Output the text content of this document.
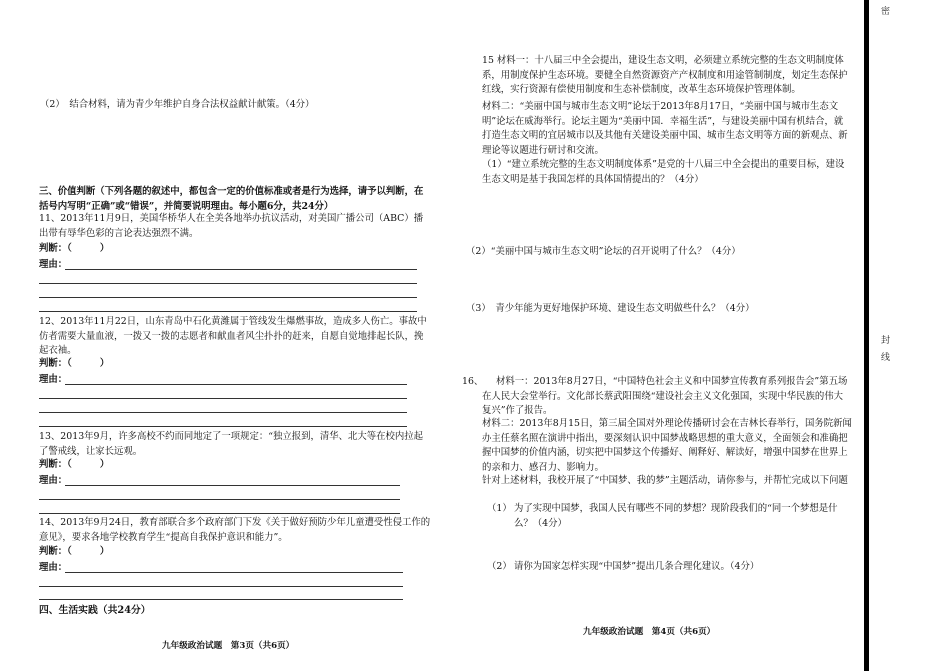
（2）　结合材料，请为青少年维护自身合法权益献计献策。（4分）
三、价值判断（下列各题的叙述中，都包含一定的价值标准或者是行为选择，请予以判断，在括号内写明“正确”或“错误”，并简要说明理由。每小题6分，共24分）
11、2013年11月9日，美国华桥华人在全美各地举办抗议活动，对美国广播公司（ABC）播出带有辱华色彩的言论表达强烈不满。
判断：（　　　）
理由：
12、2013年11月22日，山东青岛中石化黄潍属于管线发生爆燃事故，造成多人伤亡。事故中仿者需要大量血液，一拨又一拨的志愿者和献血者风尘扑扑的赶来，自愿自觉地排起长队，挽起衣袖。
判断：（　　　）
理由：
13、2013年9月，许多高校不约而同地定了一项规定：“独立报到，清华、北大等在校内拉起了警戒线，让家长远观。
判断：（　　　）
理由：
14、2013年9月24日，教育部联合多个政府部门下发《关于做好预防少年儿童遭受性侵工作的意见》，要求各地学校教育学生“提高自我保护意识和能力”。
判断：（　　　）
理由：
四、生活实践（共24分）
九年级政治试题　第3页（共6页）
15 材料一：十八届三中全会提出，建设生态文明，必须建立系统完整的生态文明制度体系，用制度保护生态环境。要健全自然资源资产产权制度和用途管制制度，划定生态保护红线，实行资源有偿使用制度和生态补偿制度，改革生态环境保护管理体制。
材料二：“美丽中国与城市生态文明”论坛于2013年8月17日，“美丽中国与城市生态文明”论坛在威海举行。论坛主题为“美丽中国．幸福生活”，与建设美丽中国有机结合，就打造生态文明的宜居城市以及其他有关建设美丽中国、城市生态文明等方面的新观点、新理论等议题进行研讨和交流。
（1）“建立系统完整的生态文明制度体系”是党的十八届三中全会提出的重要目标，建设生态文明是基于我国怎样的具体国情提出的？（4分）
（2）“美丽中国与城市生态文明”论坛的召开说明了什么？（4分）
（3）　青少年能为更好地保护环境、建设生态文明做些什么？（4分）
16、	材料一：2013年8月27日，“中国特色社会主义和中国梦宣传教育系列报告会”第五场在人民大会堂举行。文化部长蔡武阳围绕“建设社会主义文化强国，实现中华民族的伟大复兴”作了报告。
材料二：2013年8月15日，第三届全国对外理论传播研讨会在吉林长春举行，国务院新闻办主任蔡名照在演讲中指出，要深刻认识中国梦战略思想的重大意义，全面领会和准确把握中国梦的价值内涵，切实把中国梦这个传播好、阐释好、解读好，增强中国梦在世界上的亲和力、感召力、影响力。
针对上述材料，我校开展了“中国梦、我的梦”主题活动，请你参与，并帮忙完成以下问题
（1） 为了实现中国梦，我国人民有哪些不同的梦想？现阶段我们的“同一个梦想是什么？（4分）
（2） 请你为国家怎样实现“中国梦”提出几条合理化建议。（4分）
九年级政治试题　第4页（共6页）
密
封
线
